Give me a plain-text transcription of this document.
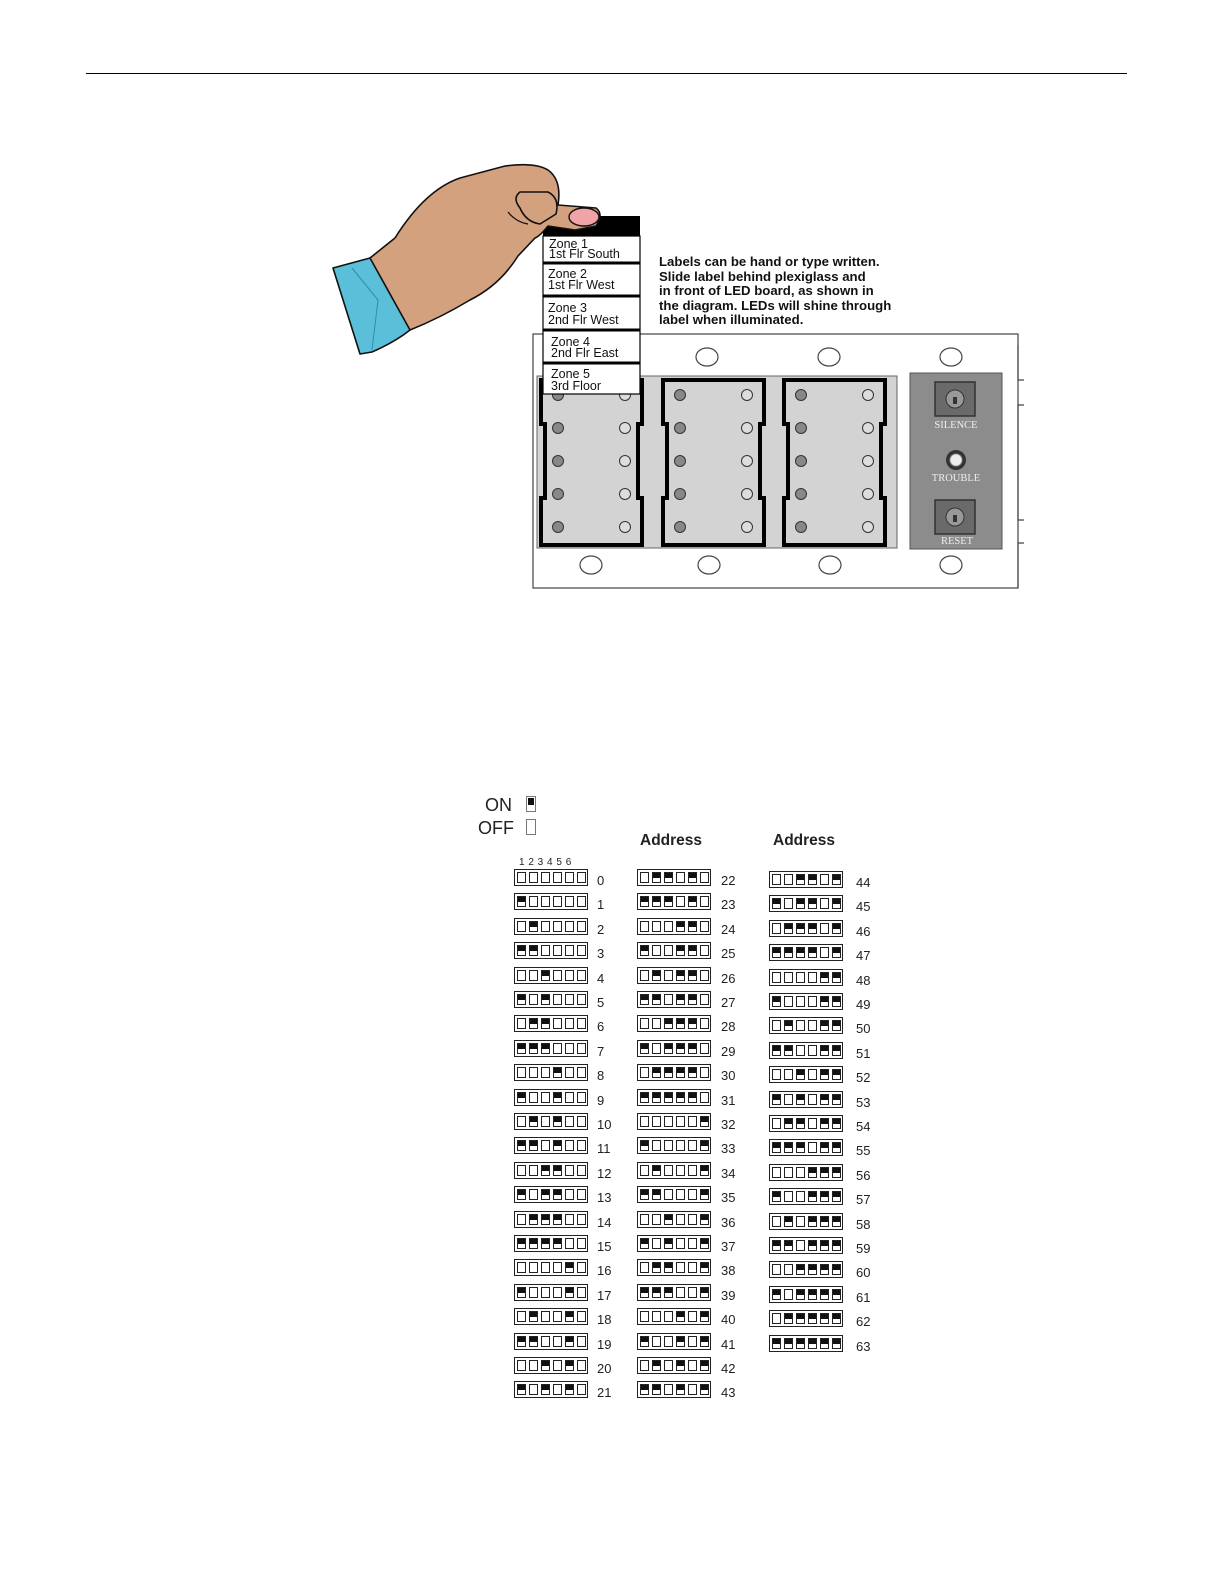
SILENCE
TROUBLE
RESET
Zone 1
1st Flr South
Zone 2
1st Flr West
Zone 3
2nd Flr West
Zone 4
2nd Flr East
Zone 5
3rd Floor
Labels can be hand or type written.
Slide label behind plexiglass and
in front of LED board, as shown in
the diagram. LEDs will shine through
label when illuminated.
ON
OFF
Address	Address
1 2 3 4 5 6
0
1
2
3
4
5
6
7
8
9
10
11
12
13
14
15
16
17
18
19
20
21
22
23
24
25
26
27
28
29
30
31
32
33
34
35
36
37
38
39
40
41
42
43
44
45
46
47
48
49
50
51
52
53
54
55
56
57
58
59
60
61
62
63
